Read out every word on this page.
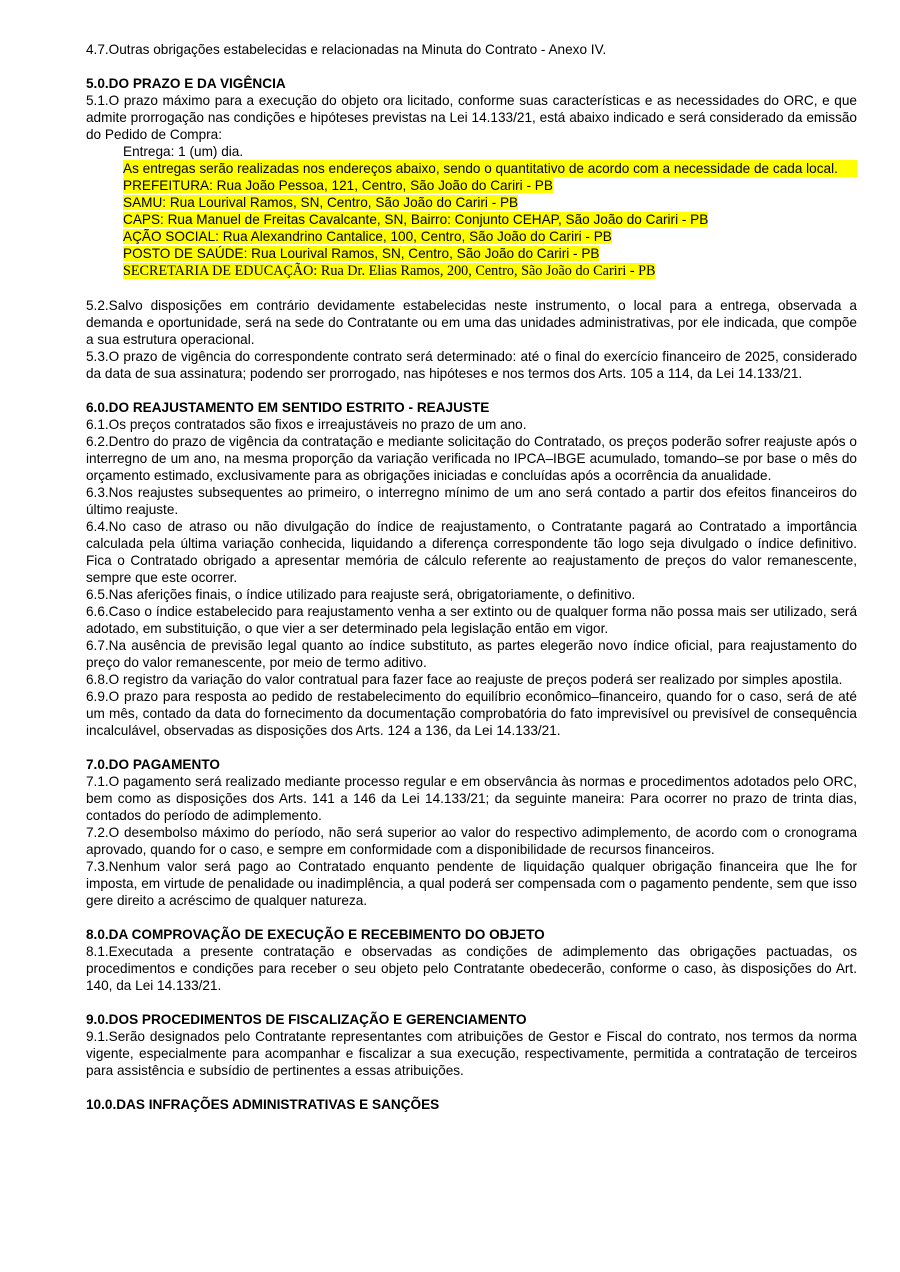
4.7.Outras obrigações estabelecidas e relacionadas na Minuta do Contrato - Anexo IV.

5.0.DO PRAZO E DA VIGÊNCIA

5.1.O prazo máximo para a execução do objeto ora licitado, conforme suas características e as necessidades do ORC, e que admite prorrogação nas condições e hipóteses previstas na Lei 14.133/21, está abaixo indicado e será considerado da emissão do Pedido de Compra:

Entrega: 1 (um) dia.

As entregas serão realizadas nos endereços abaixo, sendo o quantitativo de acordo com a necessidade de cada local.

PREFEITURA: Rua João Pessoa, 121, Centro, São João do Cariri - PB

SAMU: Rua Lourival Ramos, SN, Centro, São João do Cariri - PB

CAPS: Rua Manuel de Freitas Cavalcante, SN, Bairro: Conjunto CEHAP, São João do Cariri - PB

AÇÃO SOCIAL: Rua Alexandrino Cantalice, 100, Centro, São João do Cariri - PB

POSTO DE SAÚDE: Rua Lourival Ramos, SN, Centro, São João do Cariri - PB

SECRETARIA DE EDUCAÇÃO: Rua Dr. Elias Ramos, 200, Centro, São João do Cariri - PB

5.2.Salvo disposições em contrário devidamente estabelecidas neste instrumento, o local para a entrega, observada a demanda e oportunidade, será na sede do Contratante ou em uma das unidades administrativas, por ele indicada, que compõe a sua estrutura operacional.

5.3.O prazo de vigência do correspondente contrato será determinado: até o final do exercício financeiro de 2025, considerado da data de sua assinatura; podendo ser prorrogado, nas hipóteses e nos termos dos Arts. 105 a 114, da Lei 14.133/21.

6.0.DO REAJUSTAMENTO EM SENTIDO ESTRITO - REAJUSTE

6.1.Os preços contratados são fixos e irreajustáveis no prazo de um ano.

6.2.Dentro do prazo de vigência da contratação e mediante solicitação do Contratado, os preços poderão sofrer reajuste após o interregno de um ano, na mesma proporção da variação verificada no IPCA–IBGE acumulado, tomando–se por base o mês do orçamento estimado, exclusivamente para as obrigações iniciadas e concluídas após a ocorrência da anualidade.

6.3.Nos reajustes subsequentes ao primeiro, o interregno mínimo de um ano será contado a partir dos efeitos financeiros do último reajuste.

6.4.No caso de atraso ou não divulgação do índice de reajustamento, o Contratante pagará ao Contratado a importância calculada pela última variação conhecida, liquidando a diferença correspondente tão logo seja divulgado o índice definitivo. Fica o Contratado obrigado a apresentar memória de cálculo referente ao reajustamento de preços do valor remanescente, sempre que este ocorrer.

6.5.Nas aferições finais, o índice utilizado para reajuste será, obrigatoriamente, o definitivo.

6.6.Caso o índice estabelecido para reajustamento venha a ser extinto ou de qualquer forma não possa mais ser utilizado, será adotado, em substituição, o que vier a ser determinado pela legislação então em vigor.

6.7.Na ausência de previsão legal quanto ao índice substituto, as partes elegerão novo índice oficial, para reajustamento do preço do valor remanescente, por meio de termo aditivo.

6.8.O registro da variação do valor contratual para fazer face ao reajuste de preços poderá ser realizado por simples apostila.

6.9.O prazo para resposta ao pedido de restabelecimento do equilíbrio econômico–financeiro, quando for o caso, será de até um mês, contado da data do fornecimento da documentação comprobatória do fato imprevisível ou previsível de consequência incalculável, observadas as disposições dos Arts. 124 a 136, da Lei 14.133/21.

7.0.DO PAGAMENTO

7.1.O pagamento será realizado mediante processo regular e em observância às normas e procedimentos adotados pelo ORC, bem como as disposições dos Arts. 141 a 146 da Lei 14.133/21; da seguinte maneira: Para ocorrer no prazo de trinta dias, contados do período de adimplemento.

7.2.O desembolso máximo do período, não será superior ao valor do respectivo adimplemento, de acordo com o cronograma aprovado, quando for o caso, e sempre em conformidade com a disponibilidade de recursos financeiros.

7.3.Nenhum valor será pago ao Contratado enquanto pendente de liquidação qualquer obrigação financeira que lhe for imposta, em virtude de penalidade ou inadimplência, a qual poderá ser compensada com o pagamento pendente, sem que isso gere direito a acréscimo de qualquer natureza.

8.0.DA COMPROVAÇÃO DE EXECUÇÃO E RECEBIMENTO DO OBJETO

8.1.Executada a presente contratação e observadas as condições de adimplemento das obrigações pactuadas, os procedimentos e condições para receber o seu objeto pelo Contratante obedecerão, conforme o caso, às disposições do Art. 140, da Lei 14.133/21.

9.0.DOS PROCEDIMENTOS DE FISCALIZAÇÃO E GERENCIAMENTO

9.1.Serão designados pelo Contratante representantes com atribuições de Gestor e Fiscal do contrato, nos termos da norma vigente, especialmente para acompanhar e fiscalizar a sua execução, respectivamente, permitida a contratação de terceiros para assistência e subsídio de pertinentes a essas atribuições.

10.0.DAS INFRAÇÕES ADMINISTRATIVAS E SANÇÕES
